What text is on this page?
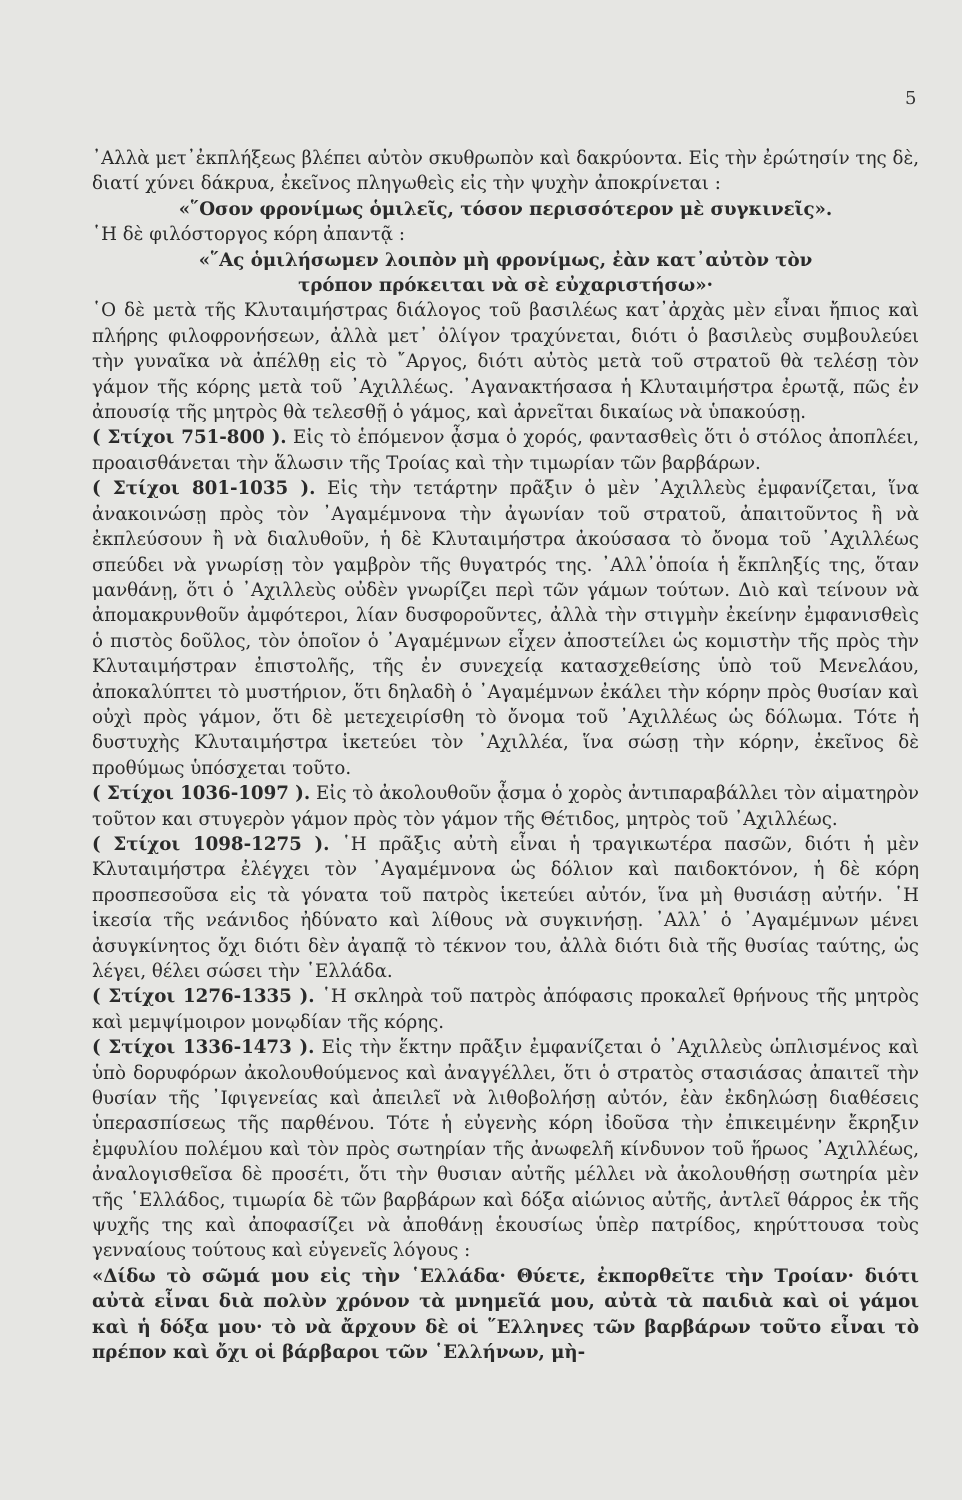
5

᾿Αλλὰ μετ᾿ἐκπλήξεως βλέπει αὐτὸν σκυθρωπὸν καὶ δακρύοντα. Εἰς τὴν ἐρώτησίν της δὲ, διατί χύνει δάκρυα, ἐκεῖνος πληγωθεὶς εἰς τὴν ψυχὴν ἀποκρίνεται :

«῞Οσον φρονίμως ὁμιλεῖς, τόσον περισσότερον μὲ συγκινεῖς».

῾Η δὲ φιλόστοργος κόρη ἀπαντᾷ :

«῞Ας ὁμιλήσωμεν λοιπὸν μὴ φρονίμως, ἐὰν κατ᾿αὐτὸν τὸν

τρόπον πρόκειται νὰ σὲ εὐχαριστήσω»·

῾Ο δὲ μετὰ τῆς Κλυταιμήστρας διάλογος τοῦ βασιλέως κατ᾿ἀρχὰς μὲν εἶναι ἤπιος καὶ πλήρης φιλοφρονήσεων, ἀλλὰ μετ᾿ ὀλίγον τραχύνεται, διότι ὁ βασιλεὺς συμβουλεύει τὴν γυναῖκα νὰ ἀπέλθῃ εἰς τὸ ῎Αργος, διότι αὐτὸς μετὰ τοῦ στρατοῦ θὰ τελέσῃ τὸν γάμον τῆς κόρης μετὰ τοῦ ᾿Αχιλλέως. ᾿Αγανακτήσασα ἡ Κλυταιμήστρα ἐρωτᾷ, πῶς ἐν ἀπουσίᾳ τῆς μητρὸς θὰ τελεσθῇ ὁ γάμος, καὶ ἀρνεῖται δικαίως νὰ ὑπακούσῃ.

( Στίχοι 751-800 ). Εἰς τὸ ἑπόμενον ᾆσμα ὁ χορός, φαντασθεὶς ὅτι ὁ στόλος ἀποπλέει, προαισθάνεται τὴν ἅλωσιν τῆς Τροίας καὶ τὴν τιμωρίαν τῶν βαρβάρων.

( Στίχοι 801-1035 ). Εἰς τὴν τετάρτην πρᾶξιν ὁ μὲν ᾿Αχιλλεὺς ἐμφανίζεται, ἵνα ἀνακοινώσῃ πρὸς τὸν ᾿Αγαμέμνονα τὴν ἀγωνίαν τοῦ στρατοῦ, ἀπαιτοῦντος ἢ νὰ ἐκπλεύσουν ἢ νὰ διαλυθοῦν, ἡ δὲ Κλυταιμήστρα ἀκούσασα τὸ ὄνομα τοῦ ᾿Αχιλλέως σπεύδει νὰ γνωρίσῃ τὸν γαμβρὸν τῆς θυγατρός της. ᾿Αλλ᾿ὁποία ἡ ἔκπληξίς της, ὅταν μανθάνῃ, ὅτι ὁ ᾿Αχιλλεὺς οὐδὲν γνωρίζει περὶ τῶν γάμων τούτων. Διὸ καὶ τείνουν νὰ ἀπομακρυνθοῦν ἀμφότεροι, λίαν δυσφοροῦντες, ἀλλὰ τὴν στιγμὴν ἐκείνην ἐμφανισθεὶς ὁ πιστὸς δοῦλος, τὸν ὁποῖον ὁ ᾿Αγαμέμνων εἶχεν ἀποστείλει ὡς κομιστὴν τῆς πρὸς τὴν Κλυταιμήστραν ἐπιστολῆς, τῆς ἐν συνεχείᾳ κατασχεθείσης ὑπὸ τοῦ Μενελάου, ἀποκαλύπτει τὸ μυστήριον, ὅτι δηλαδὴ ὁ ᾿Αγαμέμνων ἐκάλει τὴν κόρην πρὸς θυσίαν καὶ οὐχὶ πρὸς γάμον, ὅτι δὲ μετεχειρίσθη τὸ ὄνομα τοῦ ᾿Αχιλλέως ὡς δόλωμα. Τότε ἡ δυστυχὴς Κλυταιμήστρα ἱκετεύει τὸν ᾿Αχιλλέα, ἵνα σώσῃ τὴν κόρην, ἐκεῖνος δὲ προθύμως ὑπόσχεται τοῦτο.

( Στίχοι 1036-1097 ). Εἰς τὸ ἀκολουθοῦν ᾆσμα ὁ χορὸς ἀντιπαραβάλλει τὸν αἱματηρὸν τοῦτον και στυγερὸν γάμον πρὸς τὸν γάμον τῆς Θέτιδος, μητρὸς τοῦ ᾿Αχιλλέως.

( Στίχοι 1098-1275 ). ῾Η πρᾶξις αὐτὴ εἶναι ἡ τραγικωτέρα πασῶν, διότι ἡ μὲν Κλυταιμήστρα ἐλέγχει τὸν ᾿Αγαμέμνονα ὡς δόλιον καὶ παιδοκτόνον, ἡ δὲ κόρη προσπεσοῦσα εἰς τὰ γόνατα τοῦ πατρὸς ἱκετεύει αὐτόν, ἵνα μὴ θυσιάσῃ αὐτήν. ῾Η ἱκεσία τῆς νεάνιδος ἠδύνατο καὶ λίθους νὰ συγκινήσῃ. ᾿Αλλ᾿ ὁ ᾿Αγαμέμνων μένει ἀσυγκίνητος ὄχι διότι δὲν ἀγαπᾷ τὸ τέκνον του, ἀλλὰ διότι διὰ τῆς θυσίας ταύτης, ὡς λέγει, θέλει σώσει τὴν ῾Ελλάδα.

( Στίχοι 1276-1335 ). ῾Η σκληρὰ τοῦ πατρὸς ἀπόφασις προκαλεῖ θρήνους τῆς μητρὸς καὶ μεμψίμοιρον μονῳδίαν τῆς κόρης.

( Στίχοι 1336-1473 ). Εἰς τὴν ἕκτην πρᾶξιν ἐμφανίζεται ὁ ᾿Αχιλλεὺς ὡπλισμένος καὶ ὑπὸ δορυφόρων ἀκολουθούμενος καὶ ἀναγγέλλει, ὅτι ὁ στρατὸς στασιάσας ἀπαιτεῖ τὴν θυσίαν τῆς ᾿Ιφιγενείας καὶ ἀπειλεῖ νὰ λιθοβολήσῃ αὐτόν, ἐὰν ἐκδηλώσῃ διαθέσεις ὑπερασπίσεως τῆς παρθένου. Τότε ἡ εὐγενὴς κόρη ἰδοῦσα τὴν ἐπικειμένην ἔκρηξιν ἐμφυλίου πολέμου καὶ τὸν πρὸς σωτηρίαν τῆς ἀνωφελῆ κίνδυνον τοῦ ἥρωος ᾿Αχιλλέως, ἀναλογισθεῖσα δὲ προσέτι, ὅτι τὴν θυσιαν αὐτῆς μέλλει νὰ ἀκολουθήσῃ σωτηρία μὲν τῆς ῾Ελλάδος, τιμωρία δὲ τῶν βαρβάρων καὶ δόξα αἰώνιος αὐτῆς, ἀντλεῖ θάρρος ἐκ τῆς ψυχῆς της καὶ ἀποφασίζει νὰ ἀποθάνῃ ἑκουσίως ὑπὲρ πατρίδος, κηρύττουσα τοὺς γενναίους τούτους καὶ εὐγενεῖς λόγους :

«Δίδω τὸ σῶμά μου εἰς τὴν ῾Ελλάδα· Θύετε, ἐκπορθεῖτε τὴν Τροίαν· διότι αὐτὰ εἶναι διὰ πολὺν χρόνον τὰ μνημεῖά μου, αὐτὰ τὰ παιδιὰ καὶ οἱ γάμοι καὶ ἡ δόξα μου· τὸ νὰ ἄρχουν δὲ οἱ ῞Ελληνες τῶν βαρβάρων τοῦτο εἶναι τὸ πρέπον καὶ ὄχι οἱ βάρβαροι τῶν ῾Ελλήνων, μὴ-
